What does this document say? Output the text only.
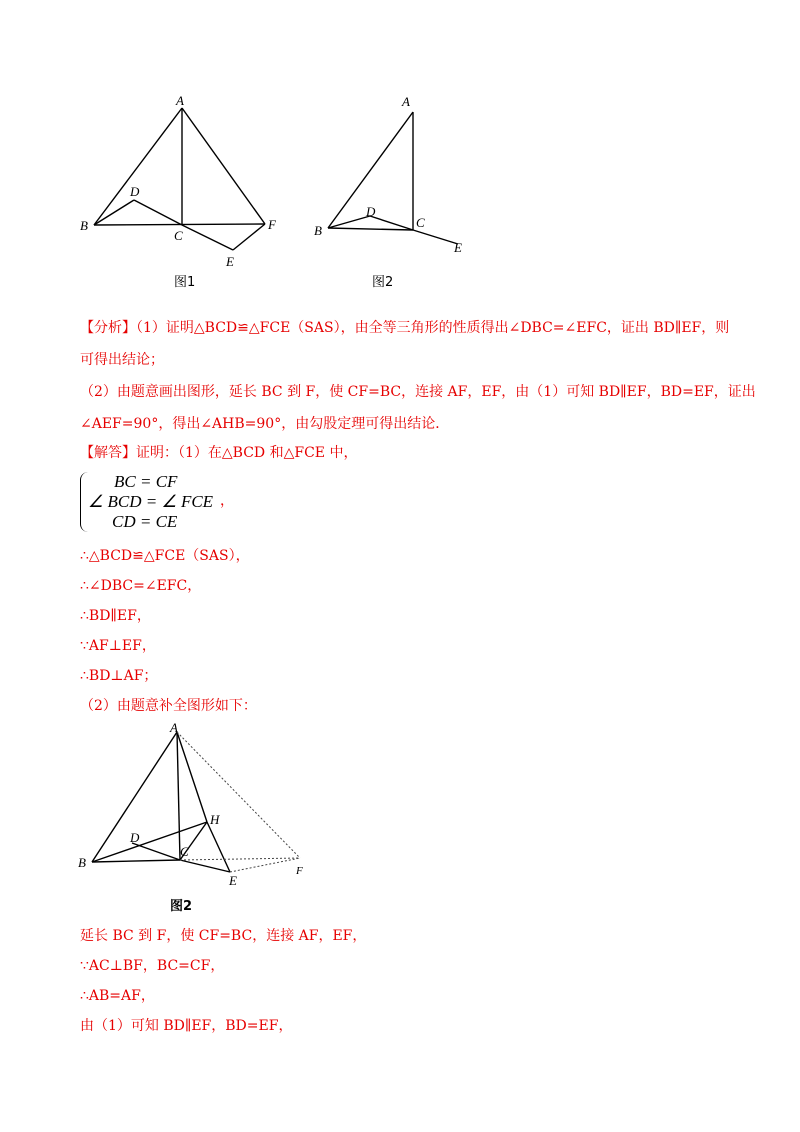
A
B
C
D
E
F
图1
A
B
C
D
E
图2
【分析】（1）证明△BCD≌△FCE（SAS），由全等三角形的性质得出∠DBC=∠EFC，证出 BD∥EF，则
可得出结论；
（2）由题意画出图形，延长 BC 到 F，使 CF=BC，连接 AF，EF，由（1）可知 BD∥EF，BD=EF，证出
∠AEF=90°，得出∠AHB=90°，由勾股定理可得出结论．
【解答】证明：（1）在△BCD 和△FCE 中，
BC = CF
∠ BCD = ∠ FCE
CD = CE
，
∴△BCD≌△FCE（SAS），
∴∠DBC=∠EFC，
∴BD∥EF，
∵AF⊥EF，
∴BD⊥AF；
（2）由题意补全图形如下：
A
B
C
D
E
F
H
图2
延长 BC 到 F，使 CF=BC，连接 AF，EF，
∵AC⊥BF，BC=CF，
∴AB=AF，
由（1）可知 BD∥EF，BD=EF，
